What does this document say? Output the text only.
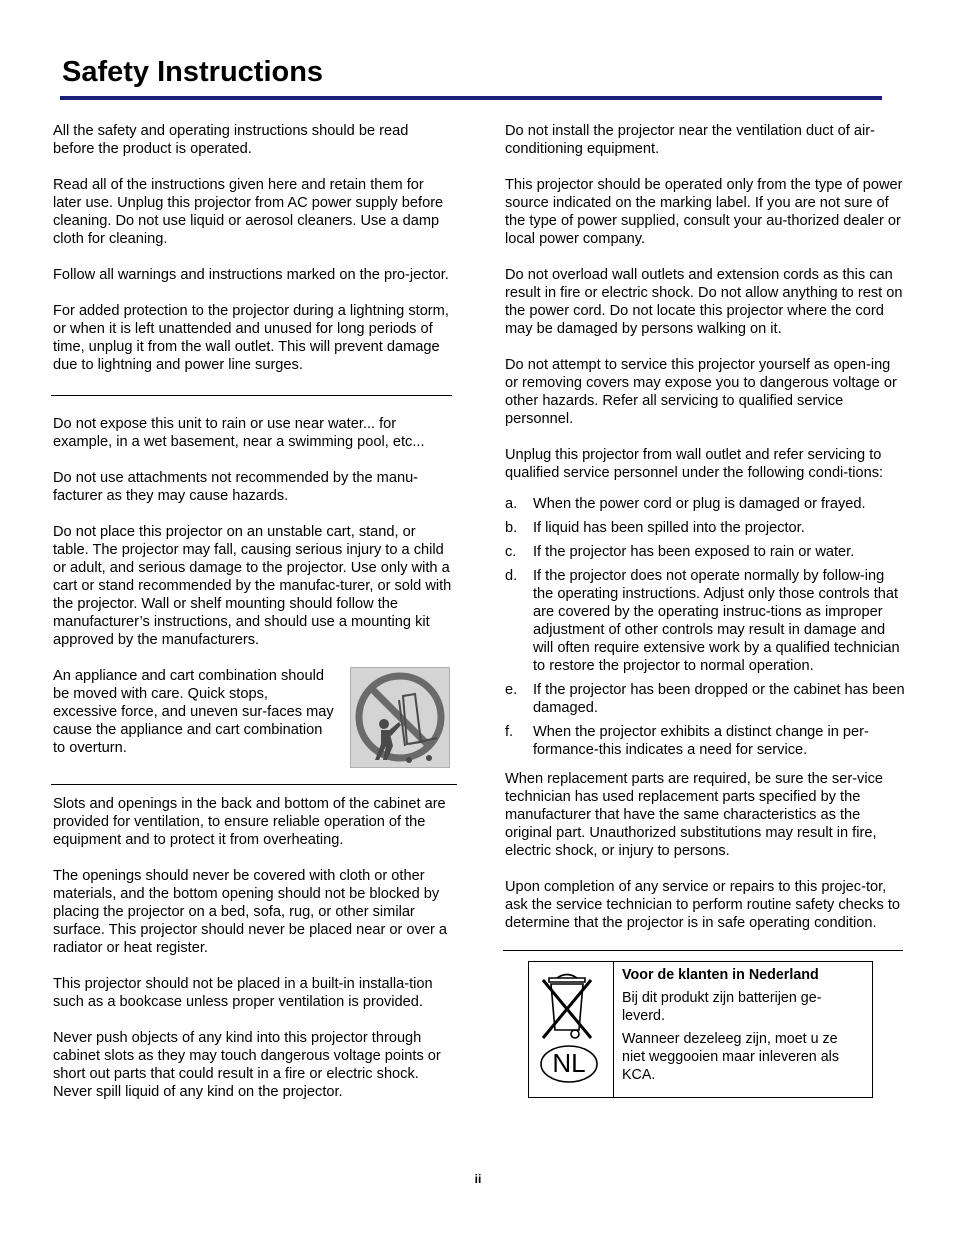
Safety Instructions

All the safety and operating instructions should be read before the product is operated.

Read all of the instructions given here and retain them for later use. Unplug this projector from AC power supply before cleaning. Do not use liquid or aerosol cleaners. Use a damp cloth for cleaning.

Follow all warnings and instructions marked on the pro-jector.

For added protection to the projector during a lightning storm, or when it is left unattended and unused for long periods of time, unplug it from the wall outlet. This will prevent damage due to lightning and power line surges.

Do not expose this unit to rain or use near water... for example, in a wet basement, near a swimming pool, etc...

Do not use attachments not recommended by the manu-facturer as they may cause hazards.

Do not place this projector on an unstable cart, stand, or table. The projector may fall, causing serious injury to a child or adult, and serious damage to the projector. Use only with a cart or stand recommended by the manufac-turer, or sold with the projector. Wall or shelf mounting should follow the manufacturer’s instructions, and should use a mounting kit approved by the manufacturers.

An appliance and cart combination should be moved with care. Quick stops, excessive force, and uneven sur-faces may cause the appliance and cart combination to overturn.

Slots and openings in the back and bottom of the cabinet are provided for ventilation, to ensure reliable operation of the equipment and to protect it from overheating.

The openings should never be covered with cloth or other materials, and the bottom opening should not be blocked by placing the projector on a bed, sofa, rug, or other similar surface. This projector should never be placed near or over a radiator or heat register.

This projector should not be placed in a built-in installa-tion such as a bookcase unless proper ventilation is provided.

Never push objects of any kind into this projector through cabinet slots as they may touch dangerous voltage points or short out parts that could result in a fire or electric shock. Never spill liquid of any kind on the projector.

Do not install the projector near the ventilation duct of air-conditioning equipment.

This projector should be operated only from the type of power source indicated on the marking label. If you are not sure of the type of power supplied, consult your au-thorized dealer or local power company.

Do not overload wall outlets and extension cords as this can result in fire or electric shock. Do not allow anything to rest on the power cord. Do not locate this projector where the cord may be damaged by persons walking on it.

Do not attempt to service this projector yourself as open-ing or removing covers may expose you to dangerous voltage or other hazards. Refer all servicing to qualified service personnel.

Unplug this projector from wall outlet and refer servicing to qualified service personnel under the following condi-tions:

a.	When the power cord or plug is damaged or frayed.
b.	If liquid has been spilled into the projector.
c.	If the projector has been exposed to rain or water.
d.	If the projector does not operate normally by follow-ing the operating instructions. Adjust only those controls that are covered by the operating instruc-tions as improper adjustment of other controls may result in damage and will often require extensive work by a qualified technician to restore the projector to normal operation.
e.	If the projector has been dropped or the cabinet has been damaged.
f.	When the projector exhibits a distinct change in per-formance-this indicates a need for service.

When replacement parts are required, be sure the ser-vice technician has used replacement parts specified by the manufacturer that have the same characteristics as the original part. Unauthorized substitutions may result in fire, electric shock, or injury to persons.

Upon completion of any service or repairs to this projec-tor, ask the service technician to perform routine safety checks to determine that the projector is in safe operating condition.

NL

Voor de klanten in Nederland

Bij dit produkt zijn batterijen ge-leverd.

Wanneer dezeleeg zijn, moet u ze niet weggooien maar inleveren als KCA.

ii
